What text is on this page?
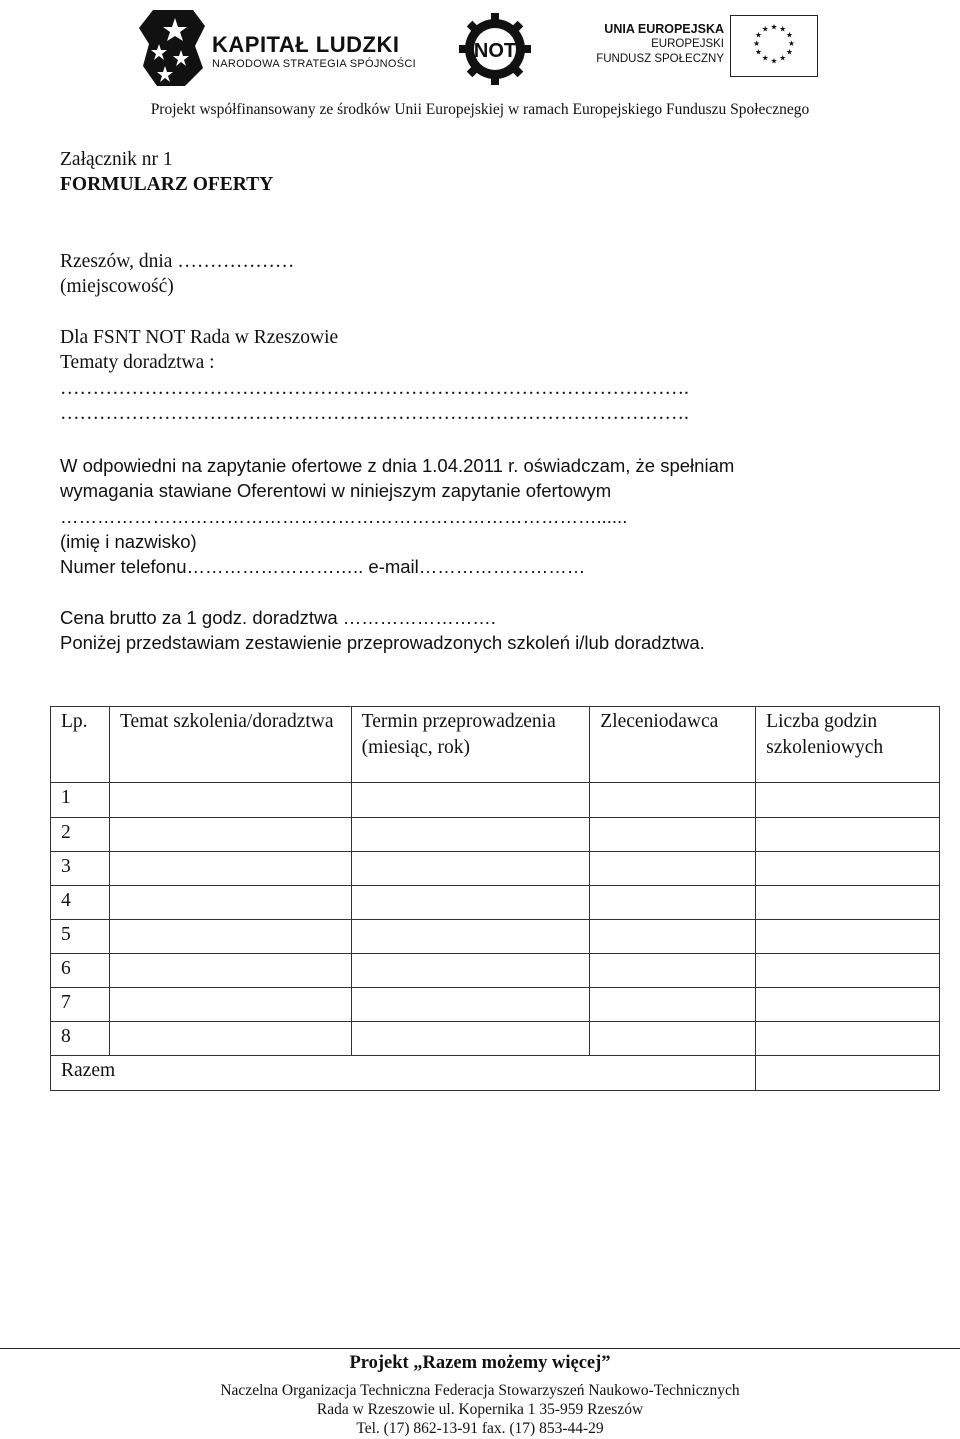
KAPITAŁ LUDZKI
NARODOWA STRATEGIA SPÓJNOŚCI
NOT
UNIA EUROPEJSKA
EUROPEJSKI
FUNDUSZ SPOŁECZNY
★ ★
★
★
★
★
★
★
★
★
★
★
Projekt współfinansowany ze środków Unii Europejskiej w ramach Europejskiego Funduszu Społecznego
Załącznik nr 1
FORMULARZ OFERTY
Rzeszów, dnia ………………
(miejscowość)
Dla FSNT NOT Rada w Rzeszowie
Tematy doradztwa :
…………………………………………………………………………………….
…………………………………………………………………………………….
W odpowiedni na zapytanie ofertowe z dnia 1.04.2011 r. oświadczam, że spełniam
wymagania stawiane Oferentowi w niniejszym zapytanie ofertowym
……………………………………………………………………………......
(imię i nazwisko)
Numer telefonu……………………….. e-mail………………………
Cena brutto za 1 godz. doradztwa …………………….
Poniżej przedstawiam zestawienie przeprowadzonych szkoleń i/lub doradztwa.
Lp.	Temat szkolenia/doradztwa	Termin przeprowadzenia (miesiąc, rok)	Zleceniodawca	Liczba godzin szkoleniowych
1				
2				
3				
4				
5				
6				
7				
8				
Razem				
Projekt „Razem możemy więcej”
Naczelna Organizacja Techniczna Federacja Stowarzyszeń Naukowo-Technicznych
Rada w Rzeszowie ul. Kopernika 1 35-959 Rzeszów
Tel. (17) 862-13-91 fax. (17) 853-44-29
